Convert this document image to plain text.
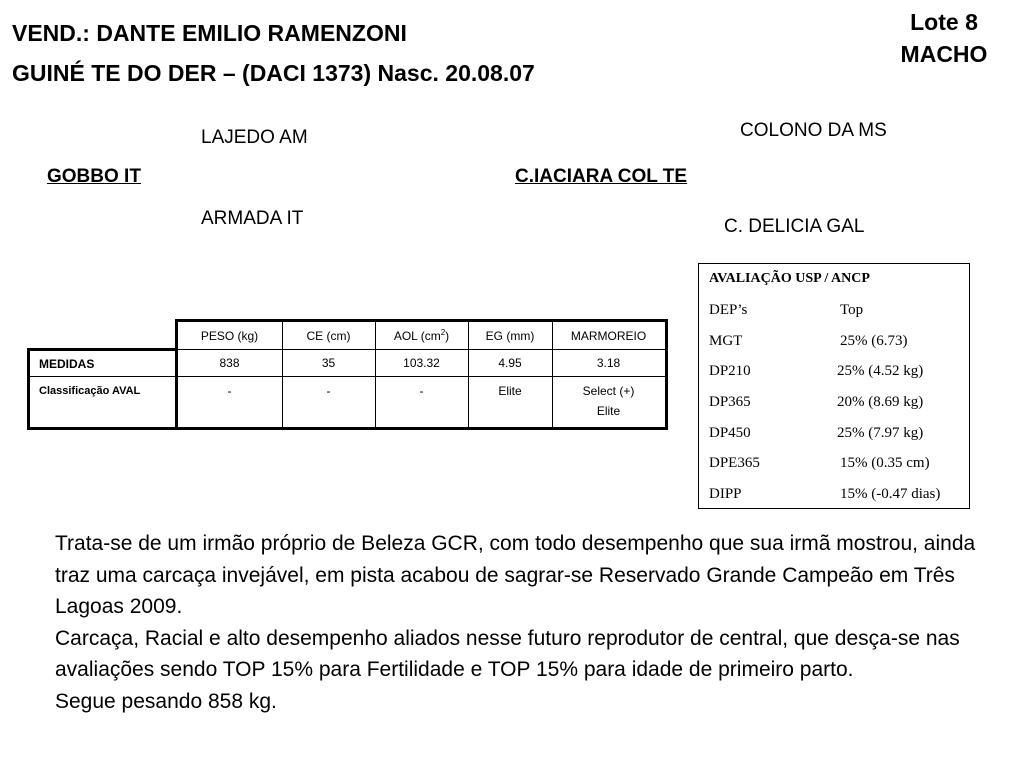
VEND.: DANTE EMILIO RAMENZONI
GUINÉ TE DO DER – (DACI 1373) Nasc. 20.08.07
Lote 8
MACHO
LAJEDO AM
GOBBO IT
ARMADA IT
COLONO DA MS
C.IACIARA COL TE
C. DELICIA GAL
	PESO (kg)	CE (cm)	AOL $(cm^2)$	EG (mm)	MARMOREIO
MEDIDAS	838	35	103.32	4.95	3.18
Classificação AVAL	-	-	-	Elite	Select (+)
Elite
AVALIAÇÃO USP / ANCP
DEP’s	Top
MGT	25% (6.73)
DP210	25% (4.52 kg)
DP365	20% (8.69 kg)
DP450	25% (7.97 kg)
DPE365	15% (0.35 cm)
DIPP	15% (-0.47 dias)

Trata-se de um irmão próprio de Beleza GCR, com todo desempenho que sua irmã mostrou, ainda traz uma carcaça invejável, em pista acabou de sagrar-se Reservado Grande Campeão em Três Lagoas 2009.

Carcaça, Racial e alto desempenho aliados nesse futuro reprodutor de central, que desça-se nas avaliações sendo TOP 15% para Fertilidade e TOP 15% para idade de primeiro parto.

Segue pesando 858 kg.
